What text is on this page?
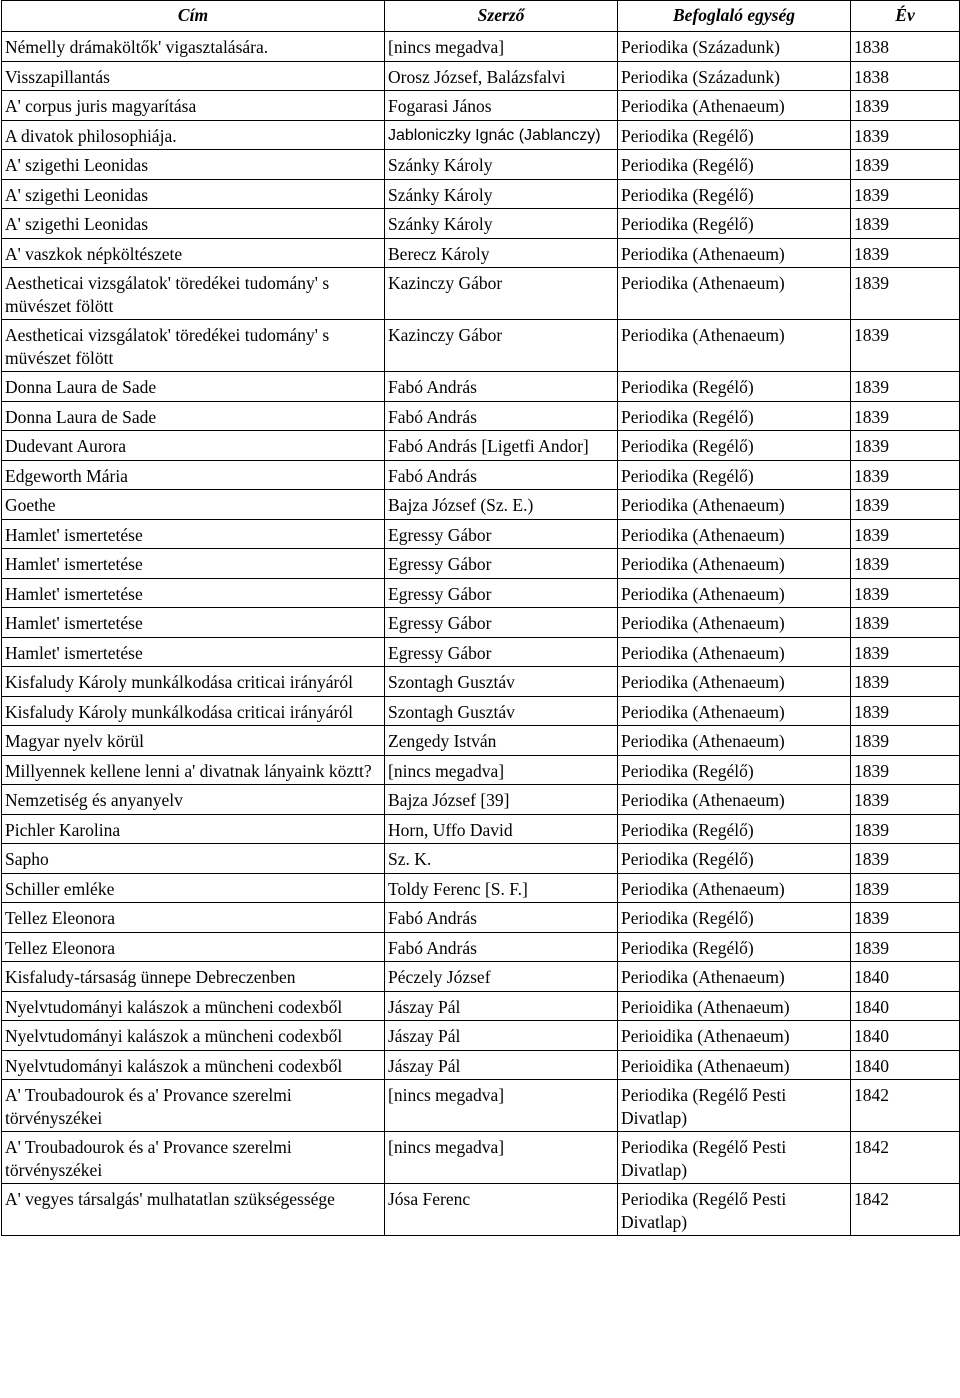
Cím	Szerző	Befoglaló egység	Év
Némelly drámaköltők' vigasztalására.	[nincs megadva]	Periodika (Századunk)	1838
Visszapillantás	Orosz József, Balázsfalvi	Periodika (Századunk)	1838
A' corpus juris magyarítása	Fogarasi János	Periodika (Athenaeum)	1839
A divatok philosophiája.	Jabloniczky Ignác (Jablanczy)	Periodika (Regélő)	1839
A' szigethi Leonidas	Szánky Károly	Periodika (Regélő)	1839
A' szigethi Leonidas	Szánky Károly	Periodika (Regélő)	1839
A' szigethi Leonidas	Szánky Károly	Periodika (Regélő)	1839
A' vaszkok népköltészete	Berecz Károly	Periodika (Athenaeum)	1839
Aestheticai vizsgálatok' töredékei tudomány' s müvészet fölött	Kazinczy Gábor	Periodika (Athenaeum)	1839
Aestheticai vizsgálatok' töredékei tudomány' s müvészet fölött	Kazinczy Gábor	Periodika (Athenaeum)	1839
Donna Laura de Sade	Fabó András	Periodika (Regélő)	1839
Donna Laura de Sade	Fabó András	Periodika (Regélő)	1839
Dudevant Aurora	Fabó András [Ligetfi Andor]	Periodika (Regélő)	1839
Edgeworth Mária	Fabó András	Periodika (Regélő)	1839
Goethe	Bajza József (Sz. E.)	Periodika (Athenaeum)	1839
Hamlet' ismertetése	Egressy Gábor	Periodika (Athenaeum)	1839
Hamlet' ismertetése	Egressy Gábor	Periodika (Athenaeum)	1839
Hamlet' ismertetése	Egressy Gábor	Periodika (Athenaeum)	1839
Hamlet' ismertetése	Egressy Gábor	Periodika (Athenaeum)	1839
Hamlet' ismertetése	Egressy Gábor	Periodika (Athenaeum)	1839
Kisfaludy Károly munkálkodása criticai irányáról	Szontagh Gusztáv	Periodika (Athenaeum)	1839
Kisfaludy Károly munkálkodása criticai irányáról	Szontagh Gusztáv	Periodika (Athenaeum)	1839
Magyar nyelv körül	Zengedy István	Periodika (Athenaeum)	1839
Millyennek kellene lenni a' divatnak lányaink köztt?	[nincs megadva]	Periodika (Regélő)	1839
Nemzetiség és anyanyelv	Bajza József [39]	Periodika (Athenaeum)	1839
Pichler Karolina	Horn, Uffo David	Periodika (Regélő)	1839
Sapho	Sz. K.	Periodika (Regélő)	1839
Schiller emléke	Toldy Ferenc [S. F.]	Periodika (Athenaeum)	1839
Tellez Eleonora	Fabó András	Periodika (Regélő)	1839
Tellez Eleonora	Fabó András	Periodika (Regélő)	1839
Kisfaludy-társaság ünnepe Debreczenben	Péczely József	Periodika (Athenaeum)	1840
Nyelvtudományi kalászok a müncheni codexből	Jászay Pál	Perioidika (Athenaeum)	1840
Nyelvtudományi kalászok a müncheni codexből	Jászay Pál	Perioidika (Athenaeum)	1840
Nyelvtudományi kalászok a müncheni codexből	Jászay Pál	Perioidika (Athenaeum)	1840
A' Troubadourok és a' Provance szerelmi törvényszékei	[nincs megadva]	Periodika (Regélő Pesti Divatlap)	1842
A' Troubadourok és a' Provance szerelmi törvényszékei	[nincs megadva]	Periodika (Regélő Pesti Divatlap)	1842
A' vegyes társalgás' mulhatatlan szükségessége	Jósa Ferenc	Periodika (Regélő Pesti Divatlap)	1842
